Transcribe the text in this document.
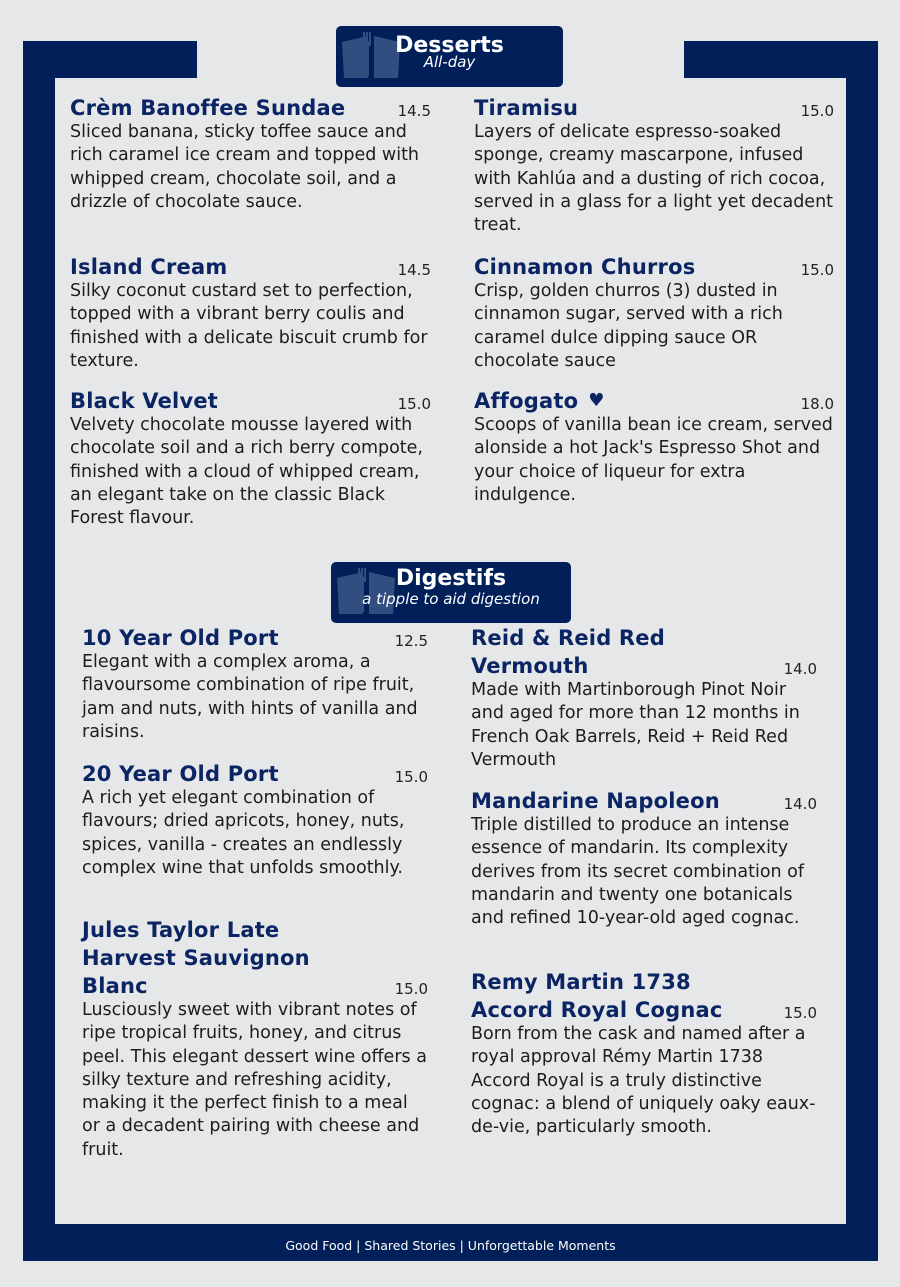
Desserts
All-day
Crèm Banoffee Sundae	14.5
Sliced banana, sticky toffee sauce and rich caramel ice cream and topped with whipped cream, chocolate soil, and a drizzle of chocolate sauce.
Island Cream	14.5
Silky coconut custard set to perfection, topped with a vibrant berry coulis and finished with a delicate biscuit crumb for texture.
Black Velvet	15.0
Velvety chocolate mousse layered with chocolate soil and a rich berry compote, finished with a cloud of whipped cream, an elegant take on the classic Black Forest flavour.
Tiramisu	15.0
Layers of delicate espresso-soaked sponge, creamy mascarpone, infused with Kahlúa and a dusting of rich cocoa, served in a glass for a light yet decadent treat.
Cinnamon Churros	15.0
Crisp, golden churros (3) dusted in cinnamon sugar, served with a rich caramel dulce dipping sauce OR chocolate sauce
Affogato ♥	18.0
Scoops of vanilla bean ice cream, served alonside a hot Jack's Espresso Shot and your choice of liqueur for extra indulgence.
Digestifs
a tipple to aid digestion
10 Year Old Port	12.5
Elegant with a complex aroma, a flavoursome combination of ripe fruit, jam and nuts, with hints of vanilla and raisins.
20 Year Old Port	15.0
A rich yet elegant combination of flavours; dried apricots, honey, nuts, spices, vanilla - creates an endlessly complex wine that unfolds smoothly.
Jules Taylor Late Harvest Sauvignon Blanc	15.0
Lusciously sweet with vibrant notes of ripe tropical fruits, honey, and citrus peel. This elegant dessert wine offers a silky texture and refreshing acidity, making it the perfect finish to a meal or a decadent pairing with cheese and fruit.
Reid & Reid Red Vermouth	14.0
Made with Martinborough Pinot Noir and aged for more than 12 months in French Oak Barrels, Reid + Reid Red Vermouth
Mandarine Napoleon	14.0
Triple distilled to produce an intense essence of mandarin. Its complexity derives from its secret combination of mandarin and twenty one botanicals and refined 10-year-old aged cognac.
Remy Martin 1738 Accord Royal Cognac	15.0
Born from the cask and named after a royal approval Rémy Martin 1738 Accord Royal is a truly distinctive cognac: a blend of uniquely oaky eaux-de-vie, particularly smooth.
Good Food | Shared Stories | Unforgettable Moments
